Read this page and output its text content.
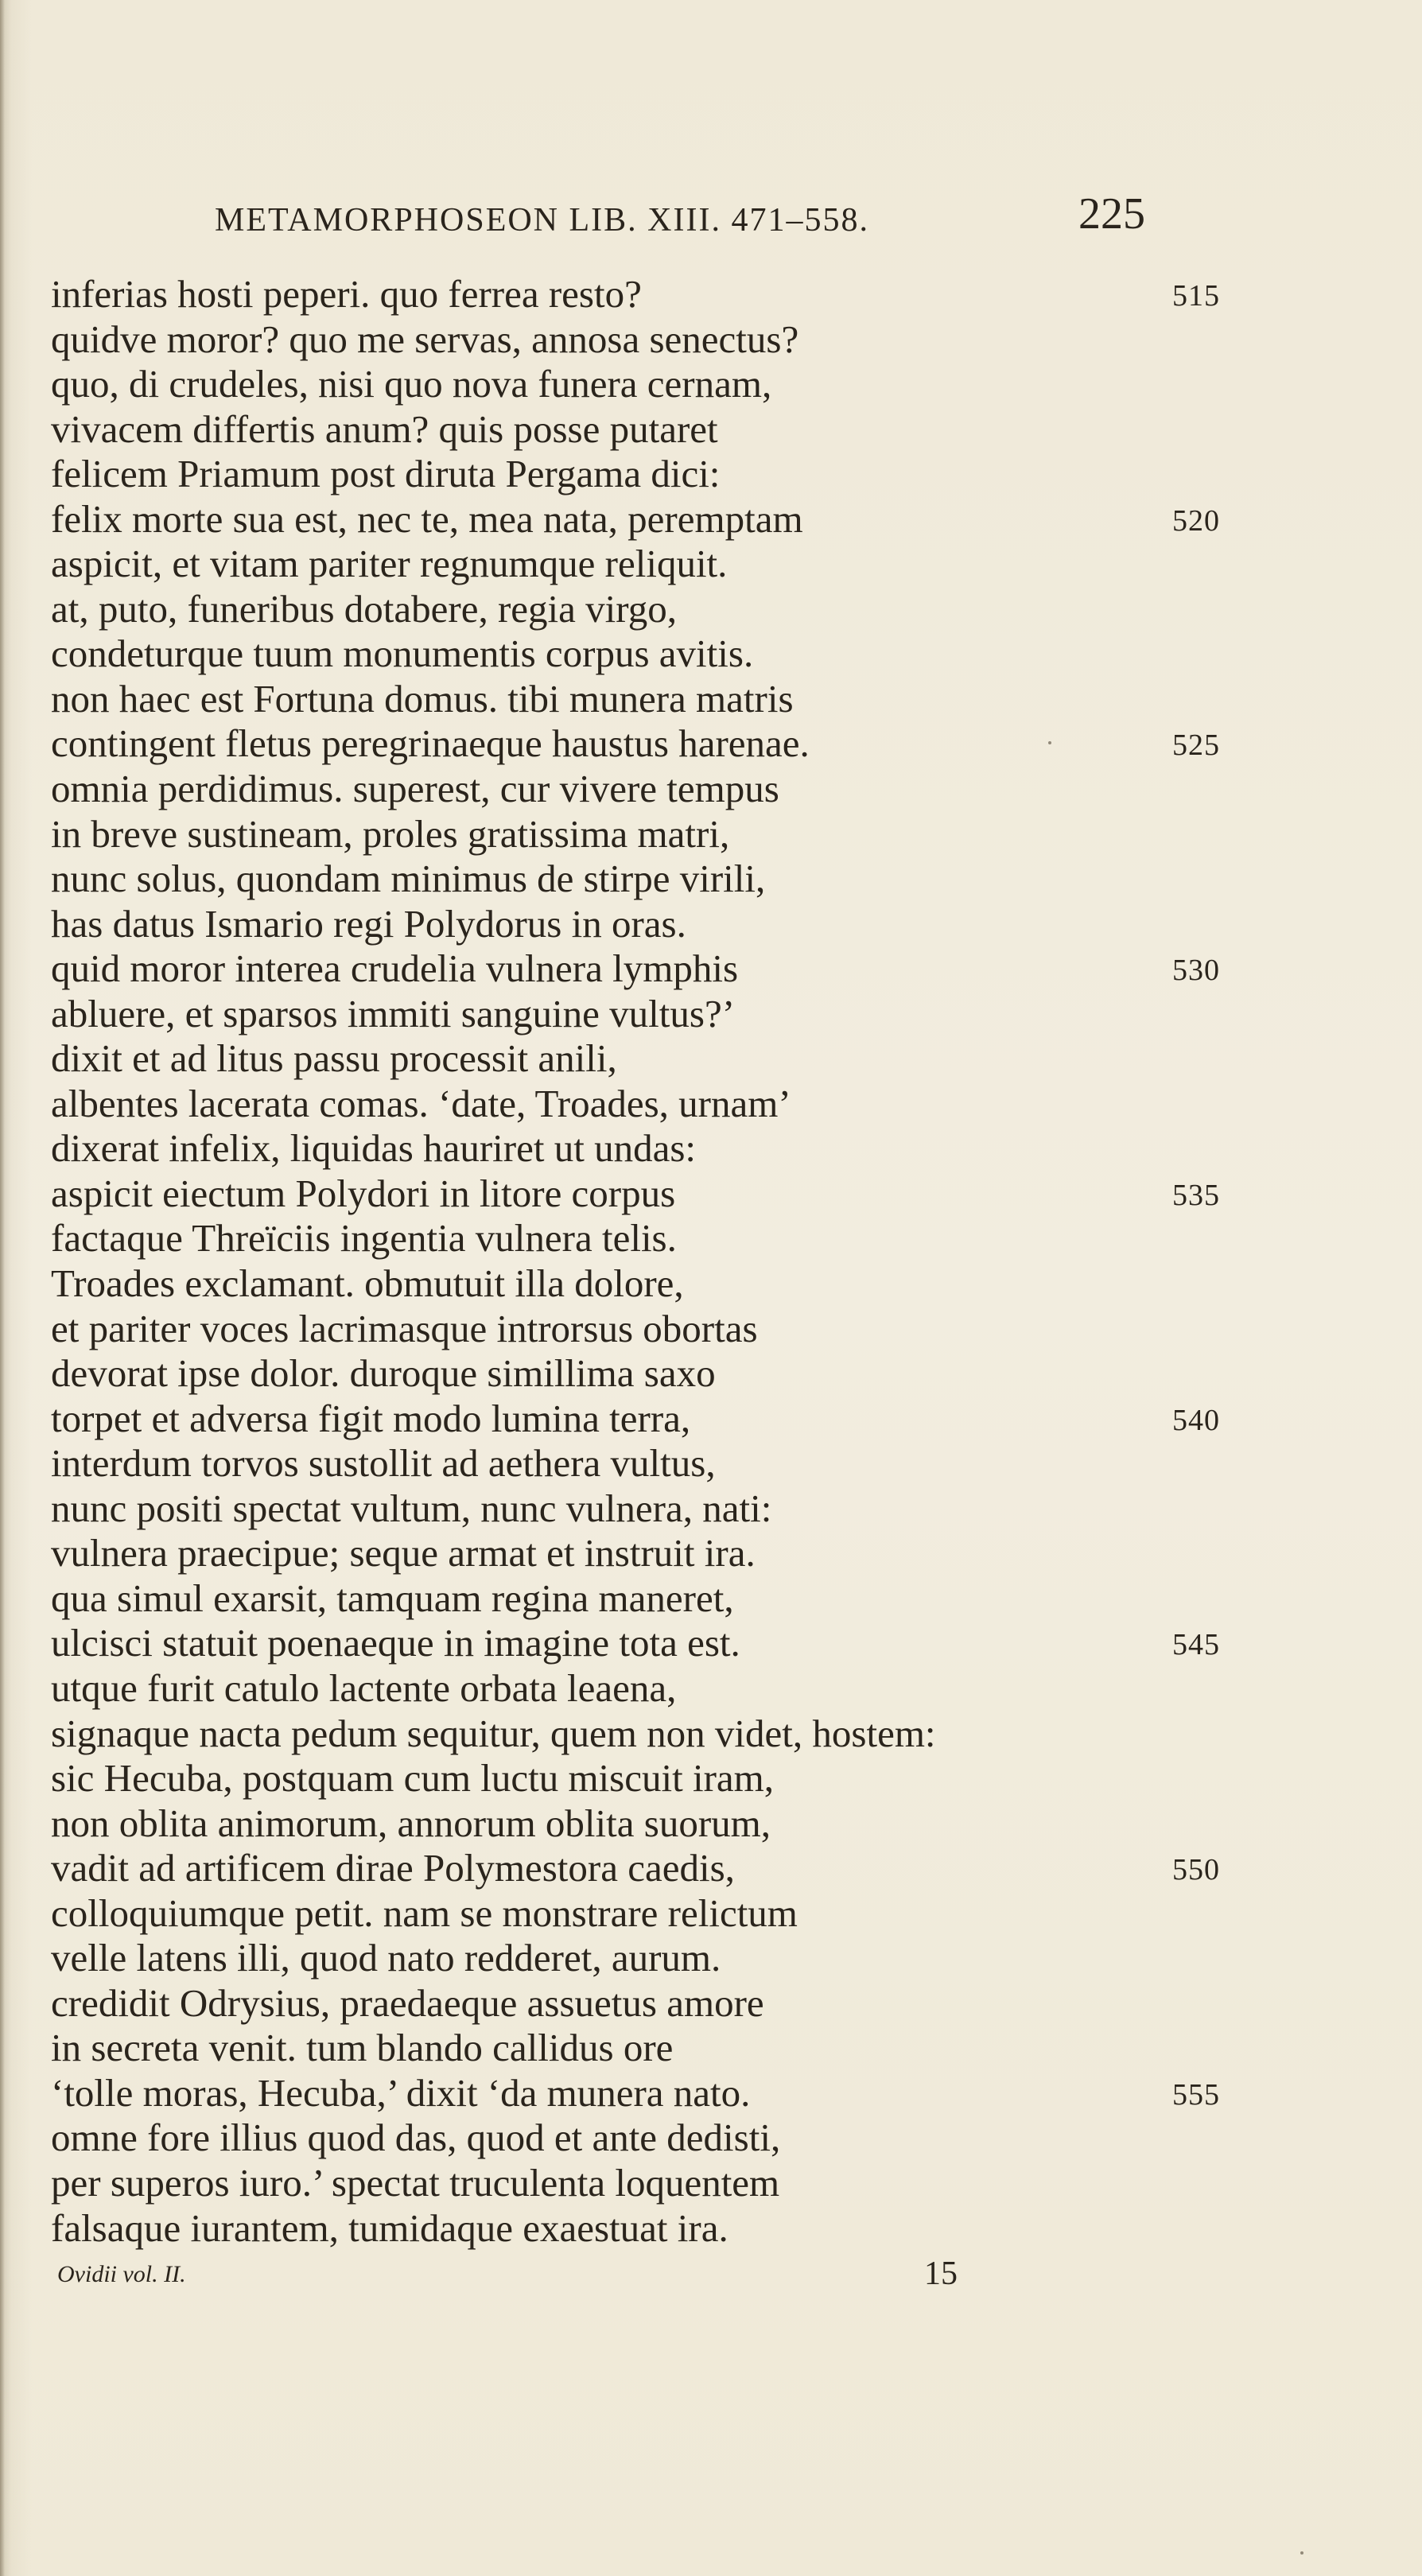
METAMORPHOSEON LIB. XIII. 471–558.	225
inferias hosti peperi. quo ferrea resto?	515
quidve moror? quo me servas, annosa senectus?
quo, di crudeles, nisi quo nova funera cernam,
vivacem differtis anum? quis posse putaret
felicem Priamum post diruta Pergama dici:
felix morte sua est, nec te, mea nata, peremptam	520
aspicit, et vitam pariter regnumque reliquit.
at, puto, funeribus dotabere, regia virgo,
condeturque tuum monumentis corpus avitis.
non haec est Fortuna domus. tibi munera matris
contingent fletus peregrinaeque haustus harenae.	525
omnia perdidimus. superest, cur vivere tempus
in breve sustineam, proles gratissima matri,
nunc solus, quondam minimus de stirpe virili,
has datus Ismario regi Polydorus in oras.
quid moror interea crudelia vulnera lymphis	530
abluere, et sparsos immiti sanguine vultus?’
dixit et ad litus passu processit anili,
albentes lacerata comas. ‘date, Troades, urnam’
dixerat infelix, liquidas hauriret ut undas:
aspicit eiectum Polydori in litore corpus	535
factaque Threïciis ingentia vulnera telis.
Troades exclamant. obmutuit illa dolore,
et pariter voces lacrimasque introrsus obortas
devorat ipse dolor. duroque simillima saxo
torpet et adversa figit modo lumina terra,	540
interdum torvos sustollit ad aethera vultus,
nunc positi spectat vultum, nunc vulnera, nati:
vulnera praecipue; seque armat et instruit ira.
qua simul exarsit, tamquam regina maneret,
ulcisci statuit poenaeque in imagine tota est.	545
utque furit catulo lactente orbata leaena,
signaque nacta pedum sequitur, quem non videt, hostem:
sic Hecuba, postquam cum luctu miscuit iram,
non oblita animorum, annorum oblita suorum,
vadit ad artificem dirae Polymestora caedis,	550
colloquiumque petit. nam se monstrare relictum
velle latens illi, quod nato redderet, aurum.
credidit Odrysius, praedaeque assuetus amore
in secreta venit. tum blando callidus ore
‘tolle moras, Hecuba,’ dixit ‘da munera nato.	555
omne fore illius quod das, quod et ante dedisti,
per superos iuro.’ spectat truculenta loquentem
falsaque iurantem, tumidaque exaestuat ira.
Ovidii vol. II.	15
